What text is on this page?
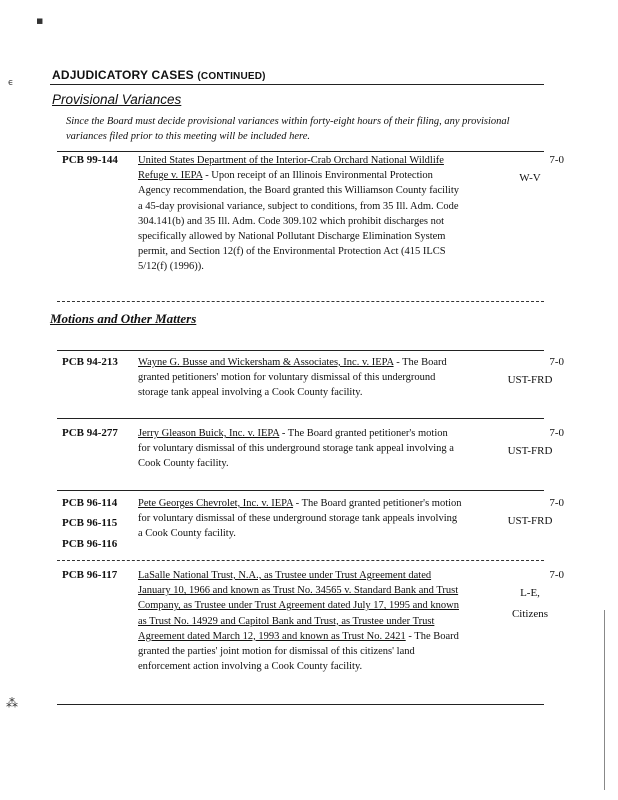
▪
ϵ
⁂
ADJUDICATORY CASES (CONTINUED)
Provisional Variances
Since the Board must decide provisional variances within forty-eight hours of their filing, any provisional variances filed prior to this meeting will be included here.
PCB 99-144 United States Department of the Interior-Crab Orchard National Wildlife Refuge v. IEPA - Upon receipt of an Illinois Environmental Protection Agency recommendation, the Board granted this Williamson County facility a 45-day provisional variance, subject to conditions, from 35 Ill. Adm. Code 304.141(b) and 35 Ill. Adm. Code 309.102 which prohibit discharges not specifically allowed by National Pollutant Discharge Elimination System permit, and Section 12(f) of the Environmental Protection Act (415 ILCS 5/12(f) (1996)).
7-0
W-V
Motions and Other Matters
PCB 94-213 Wayne G. Busse and Wickersham & Associates, Inc. v. IEPA - The Board granted petitioners' motion for voluntary dismissal of this underground storage tank appeal involving a Cook County facility.
7-0
UST-FRD
PCB 94-277 Jerry Gleason Buick, Inc. v. IEPA - The Board granted petitioner's motion for voluntary dismissal of this underground storage tank appeal involving a Cook County facility.
7-0
UST-FRD
PCB 96-114
PCB 96-115
PCB 96-116
Pete Georges Chevrolet, Inc. v. IEPA - The Board granted petitioner's motion for voluntary dismissal of these underground storage tank appeals involving a Cook County facility.
7-0
UST-FRD
PCB 96-117 LaSalle National Trust, N.A., as Trustee under Trust Agreement dated January 10, 1966 and known as Trust No. 34565 v. Standard Bank and Trust Company, as Trustee under Trust Agreement dated July 17, 1995 and known as Trust No. 14929 and Capitol Bank and Trust, as Trustee under Trust Agreement dated March 12, 1993 and known as Trust No. 2421 - The Board granted the parties' joint motion for dismissal of this citizens' land enforcement action involving a Cook County facility.
7-0
L-E,
Citizens
